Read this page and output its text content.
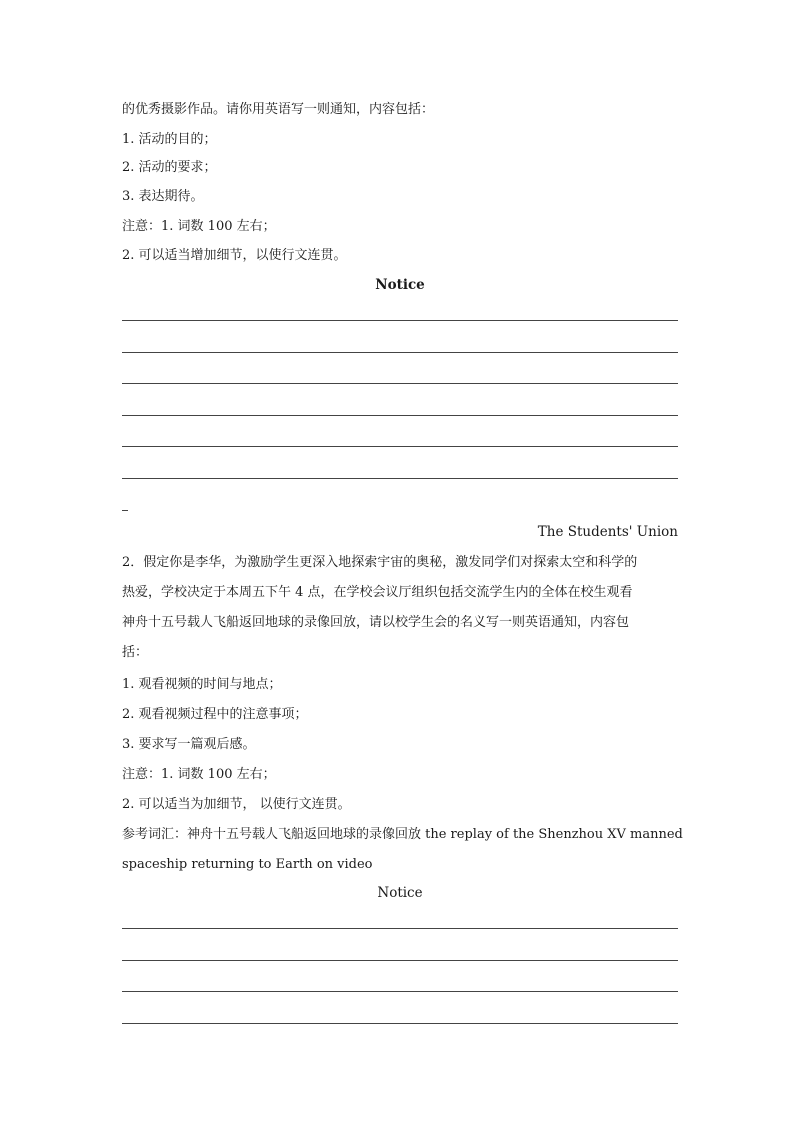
的优秀摄影作品。请你用英语写一则通知，内容包括：
1. 活动的目的；
2. 活动的要求；
3. 表达期待。
注意：1. 词数 100 左右；
2. 可以适当增加细节，以使行文连贯。
Notice
The Students' Union
2．假定你是李华，为激励学生更深入地探索宇宙的奥秘，激发同学们对探索太空和科学的
热爱，学校决定于本周五下午 4 点，在学校会议厅组织包括交流学生内的全体在校生观看
神舟十五号载人飞船返回地球的录像回放，请以校学生会的名义写一则英语通知，内容包
括：
1. 观看视频的时间与地点；
2. 观看视频过程中的注意事项；
3. 要求写一篇观后感。
注意：1. 词数 100 左右；
2. 可以适当为加细节， 以使行文连贯。
参考词汇：神舟十五号载人飞船返回地球的录像回放 the replay of the Shenzhou XV manned
spaceship returning to Earth on video
Notice
